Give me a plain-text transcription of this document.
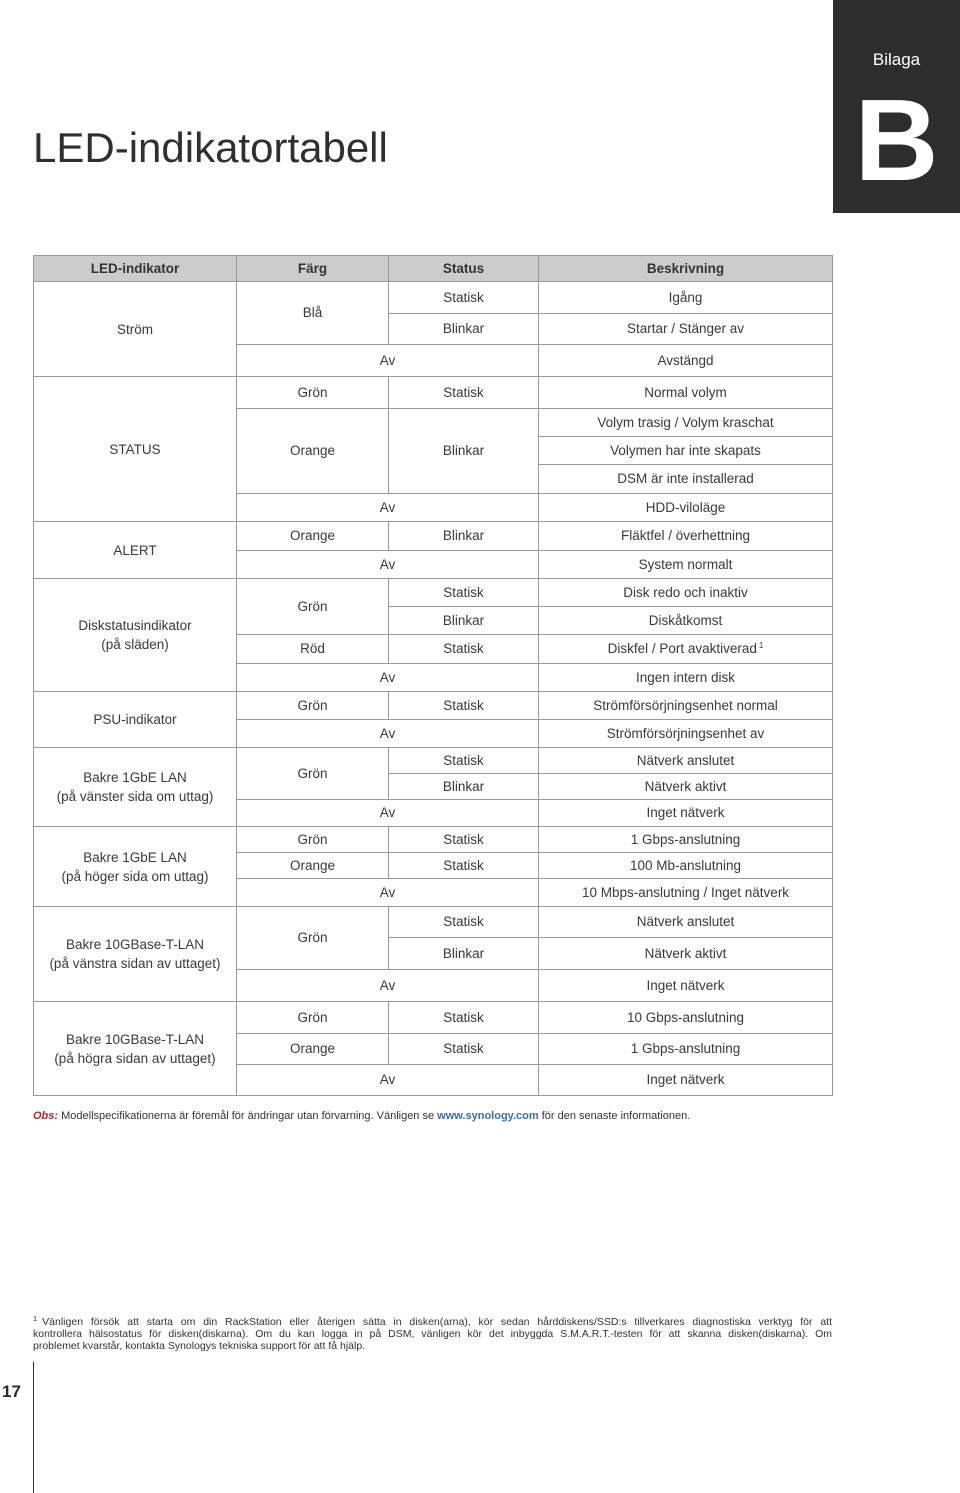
Bilaga
B
LED-indikatortabell
LED-indikator	Färg	Status	Beskrivning

Ström	Blå	Statisk	Igång
		Blinkar	Startar / Stänger av
	Av		Avstängd

STATUS	Grön	Statisk	Normal volym
	Orange	Blinkar	Volym trasig / Volym kraschat
			Volymen har inte skapats
			DSM är inte installerad
	Av		HDD-viloläge

ALERT	Orange	Blinkar	Fläktfel / överhettning
	Av		System normalt

Diskstatusindikator
(på släden)	Grön	Statisk	Disk redo och inaktiv
		Blinkar	Diskåtkomst
	Röd	Statisk	Diskfel / Port avaktiverad $^1$
	Av		Ingen intern disk

PSU-indikator	Grön	Statisk	Strömförsörjningsenhet normal
	Av		Strömförsörjningsenhet av

Bakre 1GbE LAN
(på vänster sida om uttag)	Grön	Statisk	Nätverk anslutet
		Blinkar	Nätverk aktivt
	Av		Inget nätverk

Bakre 1GbE LAN
(på höger sida om uttag)	Grön	Statisk	1 Gbps-anslutning
	Orange	Statisk	100 Mb-anslutning
	Av		10 Mbps-anslutning / Inget nätverk

Bakre 10GBase-T-LAN
(på vänstra sidan av uttaget)	Grön	Statisk	Nätverk anslutet
		Blinkar	Nätverk aktivt
	Av		Inget nätverk

Bakre 10GBase-T-LAN
(på högra sidan av uttaget)	Grön	Statisk	10 Gbps-anslutning
	Orange	Statisk	1 Gbps-anslutning
	Av		Inget nätverk
Obs: Modellspecifikationerna är föremål för ändringar utan förvarning. Vänligen se www.synology.com för den senaste informationen.
$^1$ Vänligen försök att starta om din RackStation eller återigen sätta in disken(arna), kör sedan hårddiskens/SSD:s tillverkares diagnostiska verktyg för att
kontrollera hälsostatus för disken(diskarna). Om du kan logga in på DSM, vänligen kör det inbyggda S.M.A.R.T.-testen för att skanna disken(diskarna). Om
problemet kvarstår, kontakta Synologys tekniska support för att få hjälp.
17
